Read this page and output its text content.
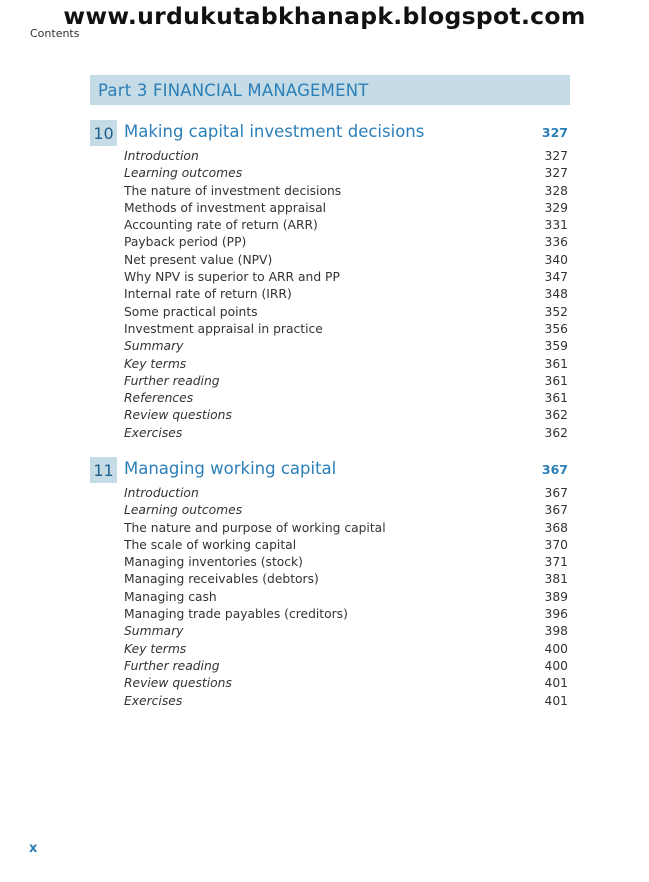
www.urdukutabkhanapk.blogspot.com
Contents
Part 3 FINANCIAL MANAGEMENT
10 Making capital investment decisions	327
Introduction	327
Learning outcomes	327
The nature of investment decisions	328
Methods of investment appraisal	329
Accounting rate of return (ARR)	331
Payback period (PP)	336
Net present value (NPV)	340
Why NPV is superior to ARR and PP	347
Internal rate of return (IRR)	348
Some practical points	352
Investment appraisal in practice	356
Summary	359
Key terms	361
Further reading	361
References	361
Review questions	362
Exercises	362
11 Managing working capital	367
Introduction	367
Learning outcomes	367
The nature and purpose of working capital	368
The scale of working capital	370
Managing inventories (stock)	371
Managing receivables (debtors)	381
Managing cash	389
Managing trade payables (creditors)	396
Summary	398
Key terms	400
Further reading	400
Review questions	401
Exercises	401
x
